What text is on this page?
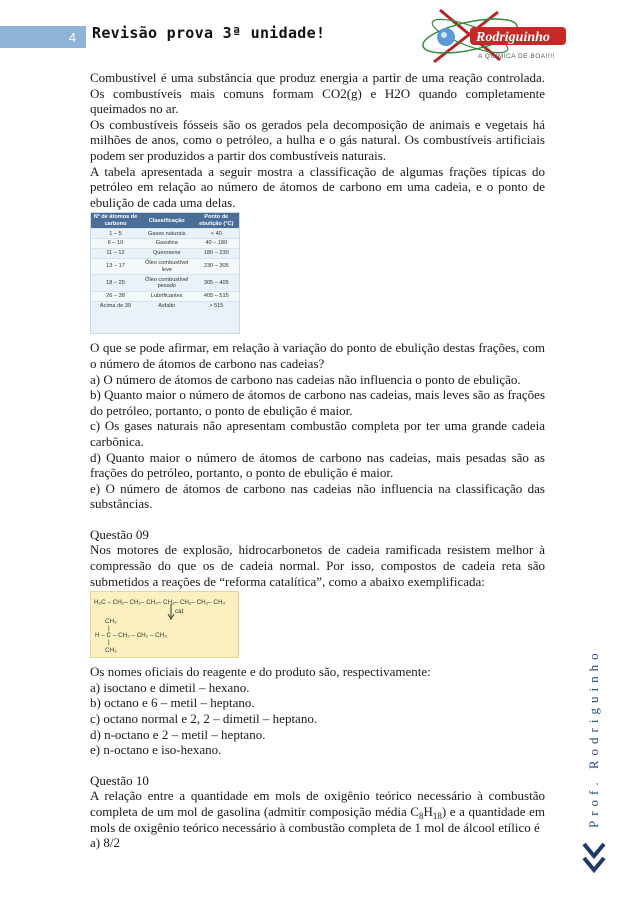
4	Revisão prova 3ª unidade!	Rodriguinho
A QUÍMICA DE BOA!!!!
Prof. Rodriguinho

Combustível é uma substância que produz energia a partir de uma reação controlada. Os combustíveis mais comuns formam CO2(g) e H2O quando completamente queimados no ar.

Os combustíveis fósseis são os gerados pela decomposição de animais e vegetais há milhões de anos, como o petróleo, a hulha e o gás natural. Os combustíveis artificiais podem ser produzidos a partir dos combustíveis naturais.

A tabela apresentada a seguir mostra a classificação de algumas frações típicas do petróleo em relação ao número de átomos de carbono em uma cadeia, e o ponto de ebulição de cada uma delas.

Nº de átomos de carbono	Classificação	Ponto de ebulição (°C)
1 – 5	Gases naturais	< 40
6 – 10	Gasolina	40 – 180
11 – 12	Querosene	180 – 230
13 – 17	Óleo combustível leve	230 – 305
18 – 25	Óleo combustível pesado	305 – 405
26 – 38	Lubrificantes	405 – 515
Acima de 39	Asfalto	> 515

O que se pode afirmar, em relação à variação do ponto de ebulição destas frações, com o número de átomos de carbono nas cadeias?

a) O número de átomos de carbono nas cadeias não influencia o ponto de ebulição.

b) Quanto maior o número de átomos de carbono nas cadeias, mais leves são as frações do petróleo, portanto, o ponto de ebulição é maior.

c) Os gases naturais não apresentam combustão completa por ter uma grande cadeia carbônica.

d) Quanto maior o número de átomos de carbono nas cadeias, mais pesadas são as frações do petróleo, portanto, o ponto de ebulição é maior.

e) O número de átomos de carbono nas cadeias não influencia na classificação das substâncias.

Questão 09

Nos motores de explosão, hidrocarbonetos de cadeia ramificada resistem melhor à compressão do que os de cadeia normal. Por isso, compostos de cadeia reta são submetidos a reações de “reforma catalítica”, como a abaixo exemplificada:

H₃C – CH₂– CH₂– CH₂– CH₂– CH₂– CH₂– CH₃
cat
CH₃
|
H – C – CH₂ – CH₂ – CH₃
|
CH₃

Os nomes oficiais do reagente e do produto são, respectivamente:

a) isoctano e dimetil – hexano.

b) octano e 6 – metil – heptano.

c) octano normal e 2, 2 – dimetil – heptano.

d) n-octano e 2 – metil – heptano.

e) n-octano e iso-hexano.

Questão 10

A relação entre a quantidade em mols de oxigênio teórico necessário à combustão completa de um mol de gasolina (admitir composição média $C_8H_{18}$) e a quantidade em mols de oxigênio teórico necessário à combustão completa de 1 mol de álcool etílico é

a) 8/2
